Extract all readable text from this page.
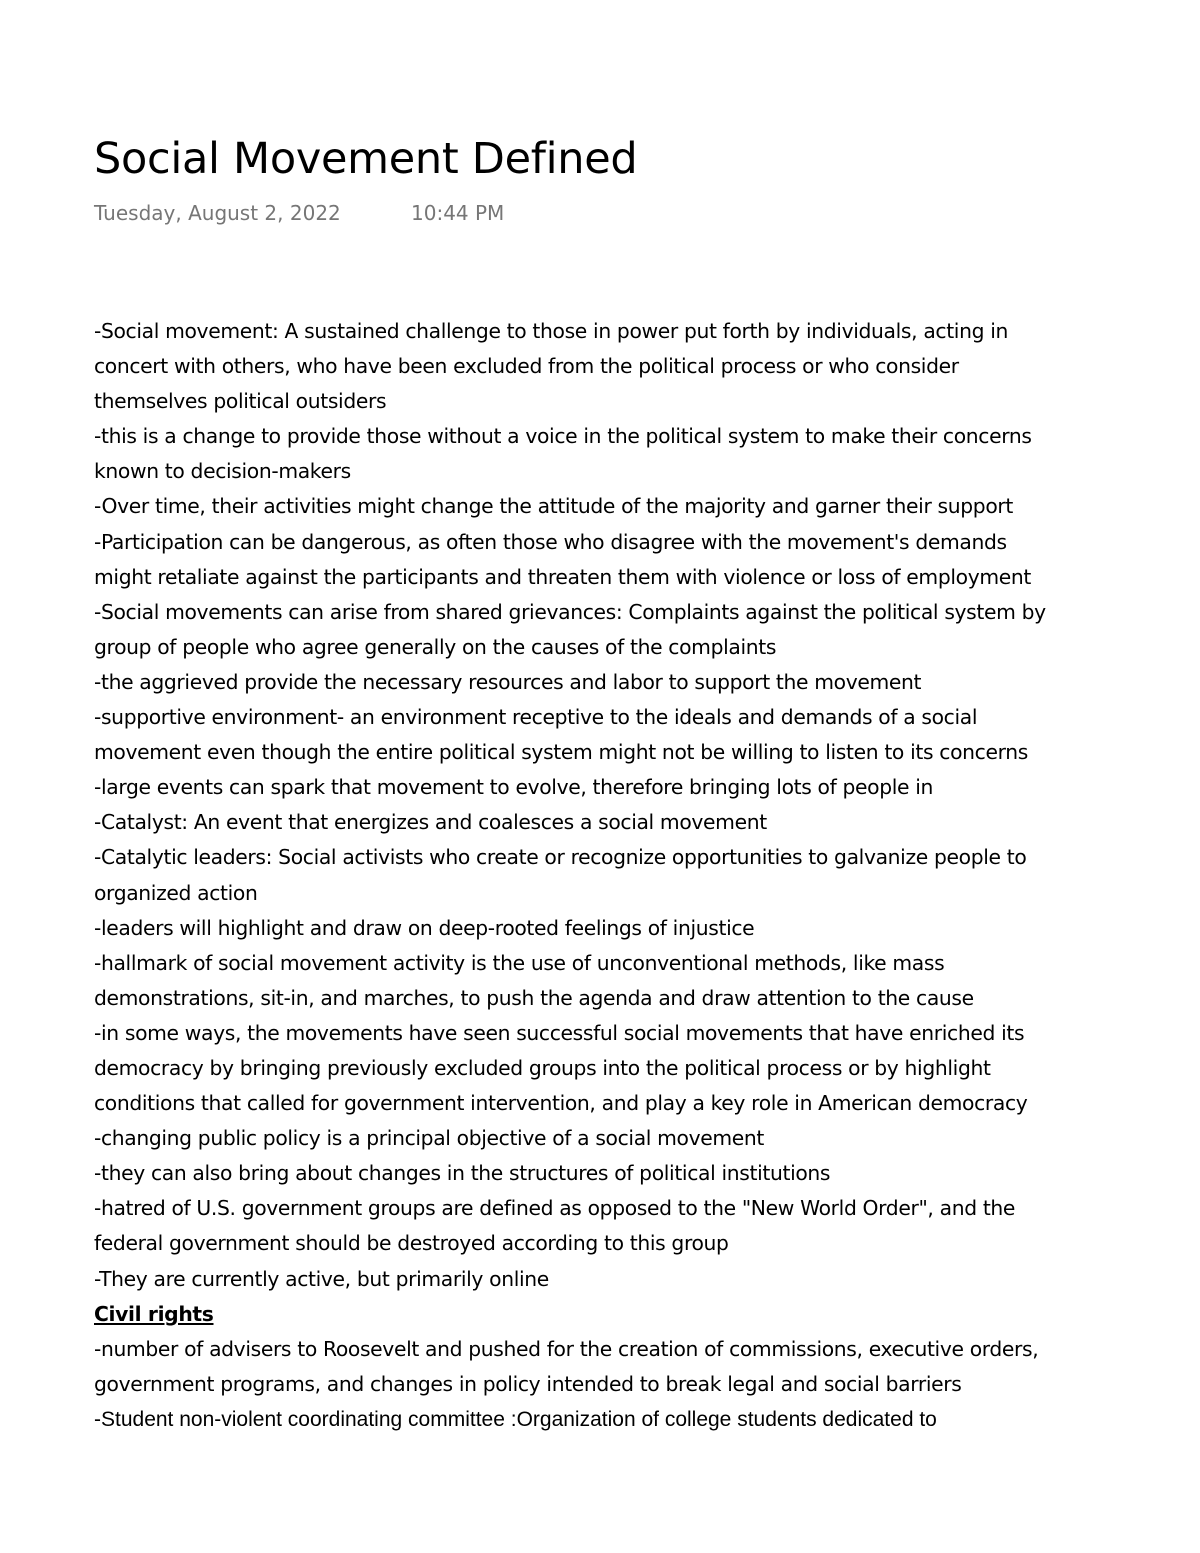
Social Movement Defined
Tuesday, August 2, 2022	10:44 PM
-Social movement: A sustained challenge to those in power put forth by individuals, acting in
concert with others, who have been excluded from the political process or who consider
themselves political outsiders
-this is a change to provide those without a voice in the political system to make their concerns
known to decision-makers
-Over time, their activities might change the attitude of the majority and garner their support
-Participation can be dangerous, as often those who disagree with the movement's demands
might retaliate against the participants and threaten them with violence or loss of employment
-Social movements can arise from shared grievances: Complaints against the political system by
group of people who agree generally on the causes of the complaints
-the aggrieved provide the necessary resources and labor to support the movement
-supportive environment- an environment receptive to the ideals and demands of a social
movement even though the entire political system might not be willing to listen to its concerns
-large events can spark that movement to evolve, therefore bringing lots of people in
-Catalyst: An event that energizes and coalesces a social movement
-Catalytic leaders: Social activists who create or recognize opportunities to galvanize people to
organized action
-leaders will highlight and draw on deep-rooted feelings of injustice
-hallmark of social movement activity is the use of unconventional methods, like mass
demonstrations, sit-in, and marches, to push the agenda and draw attention to the cause
-in some ways, the movements have seen successful social movements that have enriched its
democracy by bringing previously excluded groups into the political process or by highlight
conditions that called for government intervention, and play a key role in American democracy
-changing public policy is a principal objective of a social movement
-they can also bring about changes in the structures of political institutions
-hatred of U.S. government groups are defined as opposed to the "New World Order", and the
federal government should be destroyed according to this group
-They are currently active, but primarily online
Civil rights
-number of advisers to Roosevelt and pushed for the creation of commissions, executive orders,
government programs, and changes in policy intended to break legal and social barriers
-Student non-violent coordinating committee :Organization of college students dedicated to
